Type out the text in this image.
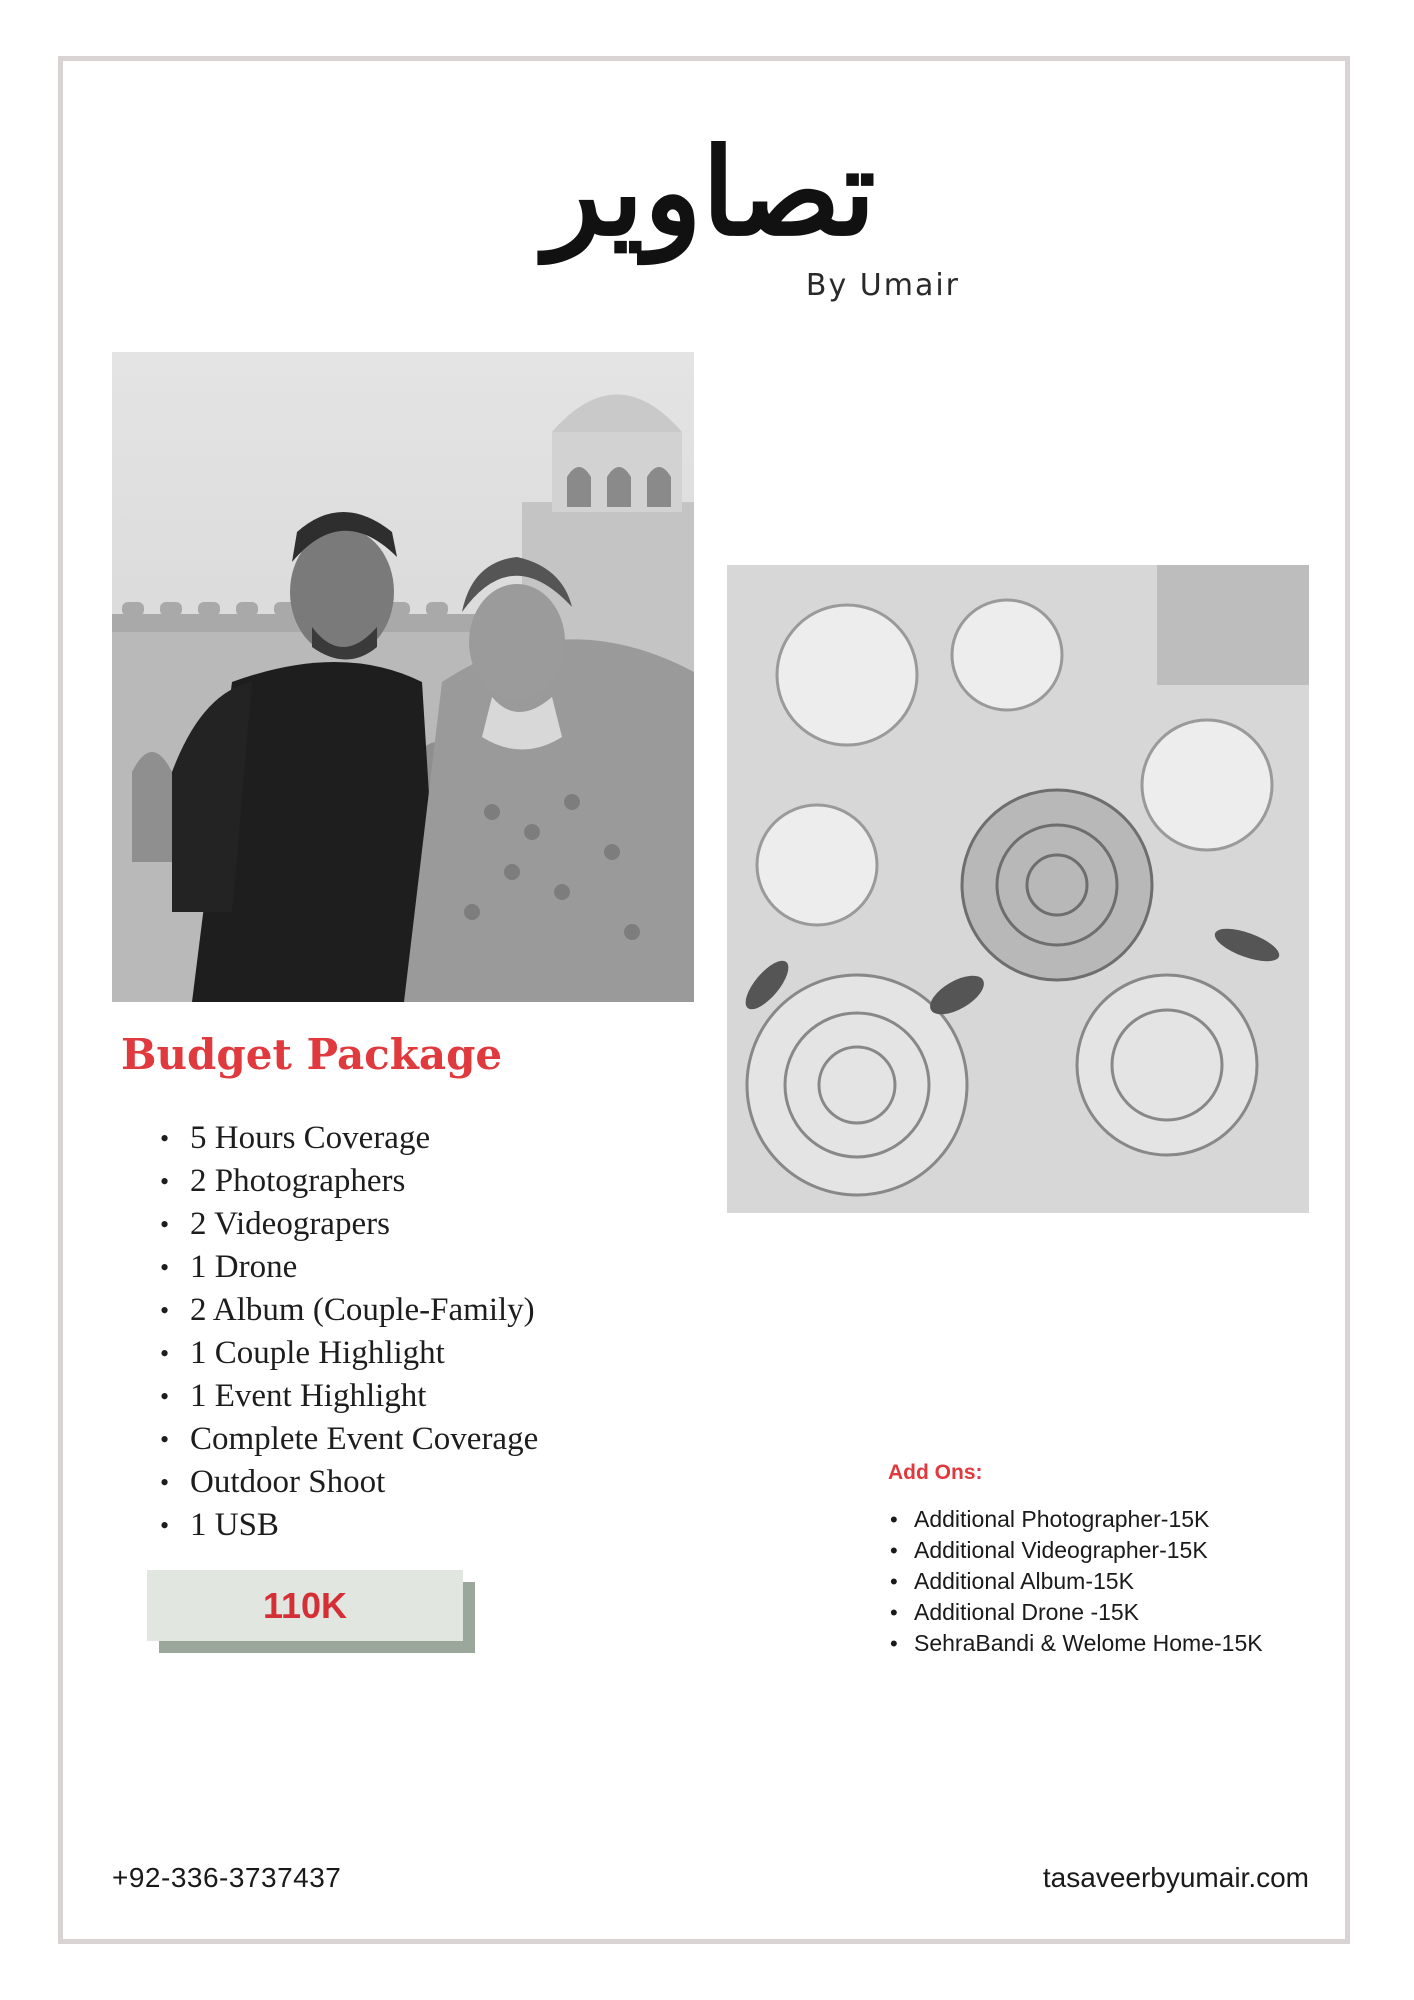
تصاویر
By Umair
Budget Package
• 5 Hours Coverage
• 2 Photographers
• 2 Videograpers
• 1 Drone
• 2 Album (Couple-Family)
• 1 Couple Highlight
• 1 Event Highlight
• Complete Event Coverage
• Outdoor Shoot
• 1 USB
110K
Add Ons:
• Additional Photographer-15K
• Additional Videographer-15K
• Additional Album-15K
• Additional Drone -15K
• SehraBandi & Welome Home-15K
+92-336-3737437	tasaveerbyumair.com
